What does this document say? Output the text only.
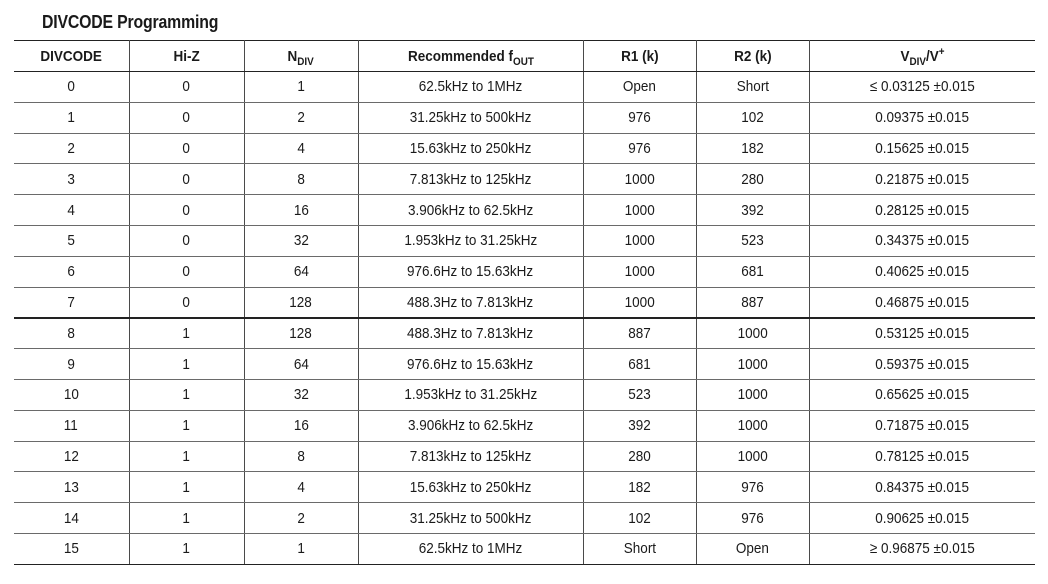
DIVCODE Programming
DIVCODE	Hi-Z	$N_{DIV}$	Recommended $f_{OUT}$	R1 (k)	R2 (k)	$V_{DIV}/V^+$
0	0	1	62.5kHz to 1MHz	Open	Short	≤ 0.03125 ±0.015
1	0	2	31.25kHz to 500kHz	976	102	0.09375 ±0.015
2	0	4	15.63kHz to 250kHz	976	182	0.15625 ±0.015
3	0	8	7.813kHz to 125kHz	1000	280	0.21875 ±0.015
4	0	16	3.906kHz to 62.5kHz	1000	392	0.28125 ±0.015
5	0	32	1.953kHz to 31.25kHz	1000	523	0.34375 ±0.015
6	0	64	976.6Hz to 15.63kHz	1000	681	0.40625 ±0.015
7	0	128	488.3Hz to 7.813kHz	1000	887	0.46875 ±0.015
8	1	128	488.3Hz to 7.813kHz	887	1000	0.53125 ±0.015
9	1	64	976.6Hz to 15.63kHz	681	1000	0.59375 ±0.015
10	1	32	1.953kHz to 31.25kHz	523	1000	0.65625 ±0.015
11	1	16	3.906kHz to 62.5kHz	392	1000	0.71875 ±0.015
12	1	8	7.813kHz to 125kHz	280	1000	0.78125 ±0.015
13	1	4	15.63kHz to 250kHz	182	976	0.84375 ±0.015
14	1	2	31.25kHz to 500kHz	102	976	0.90625 ±0.015
15	1	1	62.5kHz to 1MHz	Short	Open	≥ 0.96875 ±0.015
